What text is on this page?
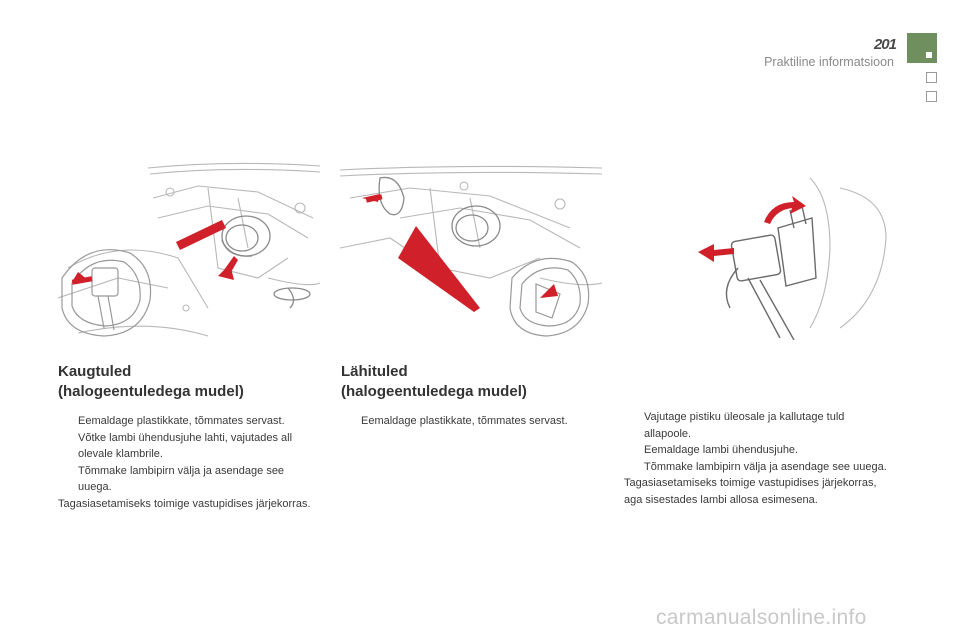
201
Praktiline informatsioon
Kaugtuled
(halogeentuledega mudel)
Eemaldage plastikkate, tõmmates servast.
Võtke lambi ühendusjuhe lahti, vajutades all olevale klambrile.
Tõmmake lambipirn välja ja asendage see uuega.

Tagasiasetamiseks toimige vastupidises järjekorras.

Lähituled
(halogeentuledega mudel)
Eemaldage plastikkate, tõmmates servast.	Vajutage pistiku üleosale ja kallutage tuld allapoole.
Eemaldage lambi ühendusjuhe.
Tõmmake lambipirn välja ja asendage see uuega.

Tagasiasetamiseks toimige vastupidises järjekorras, aga sisestades lambi allosa esimesena.

carmanualsonline.info
